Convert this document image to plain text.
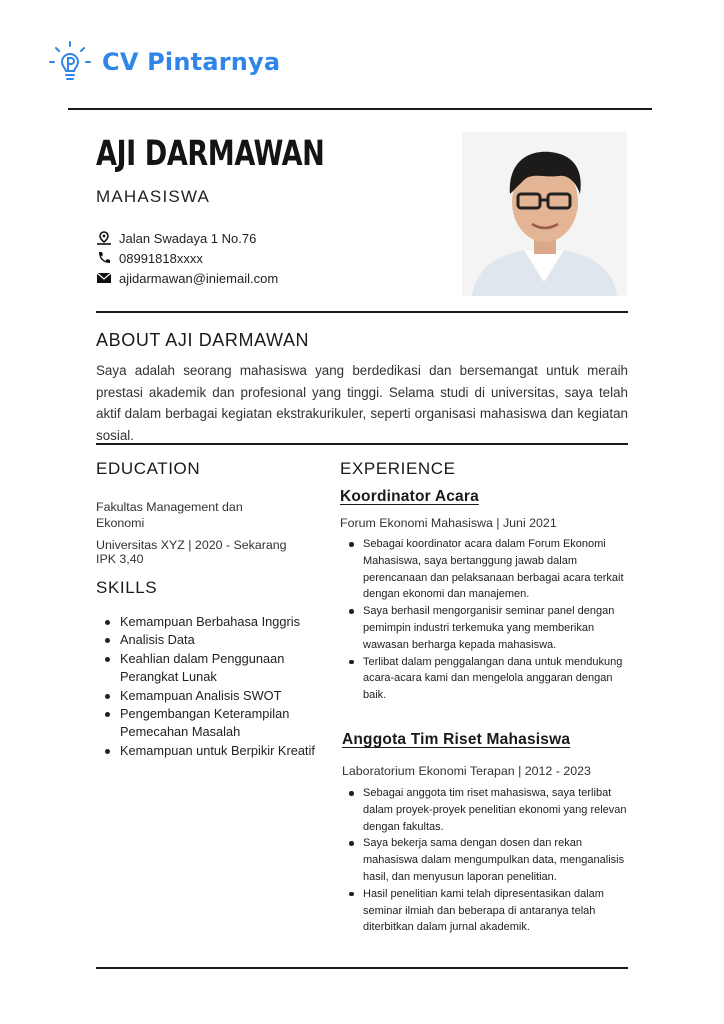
CV Pintarnya
AJI DARMAWAN
MAHASISWA
Jalan Swadaya 1 No.76
08991818xxxx
ajidarmawan@iniemail.com
ABOUT AJI DARMAWAN
Saya adalah seorang mahasiswa yang berdedikasi dan bersemangat untuk meraih prestasi akademik dan profesional yang tinggi. Selama studi di universitas, saya telah aktif dalam berbagai kegiatan ekstrakurikuler, seperti organisasi mahasiswa dan kegiatan sosial.
EDUCATION
Fakultas Management dan Ekonomi
Universitas XYZ | 2020 - Sekarang
IPK 3,40
SKILLS
Kemampuan Berbahasa Inggris
Analisis Data
Keahlian dalam Penggunaan Perangkat Lunak
Kemampuan Analisis SWOT
Pengembangan Keterampilan Pemecahan Masalah
Kemampuan untuk Berpikir Kreatif
EXPERIENCE
Koordinator Acara
Forum Ekonomi Mahasiswa | Juni 2021
Sebagai koordinator acara dalam Forum Ekonomi Mahasiswa, saya bertanggung jawab dalam perencanaan dan pelaksanaan berbagai acara terkait dengan ekonomi dan manajemen.
Saya berhasil mengorganisir seminar panel dengan pemimpin industri terkemuka yang memberikan wawasan berharga kepada mahasiswa.
Terlibat dalam penggalangan dana untuk mendukung acara-acara kami dan mengelola anggaran dengan baik.
Anggota Tim Riset Mahasiswa
Laboratorium Ekonomi Terapan | 2012 - 2023
Sebagai anggota tim riset mahasiswa, saya terlibat dalam proyek-proyek penelitian ekonomi yang relevan dengan fakultas.
Saya bekerja sama dengan dosen dan rekan mahasiswa dalam mengumpulkan data, menganalisis hasil, dan menyusun laporan penelitian.
Hasil penelitian kami telah dipresentasikan dalam seminar ilmiah dan beberapa di antaranya telah diterbitkan dalam jurnal akademik.
